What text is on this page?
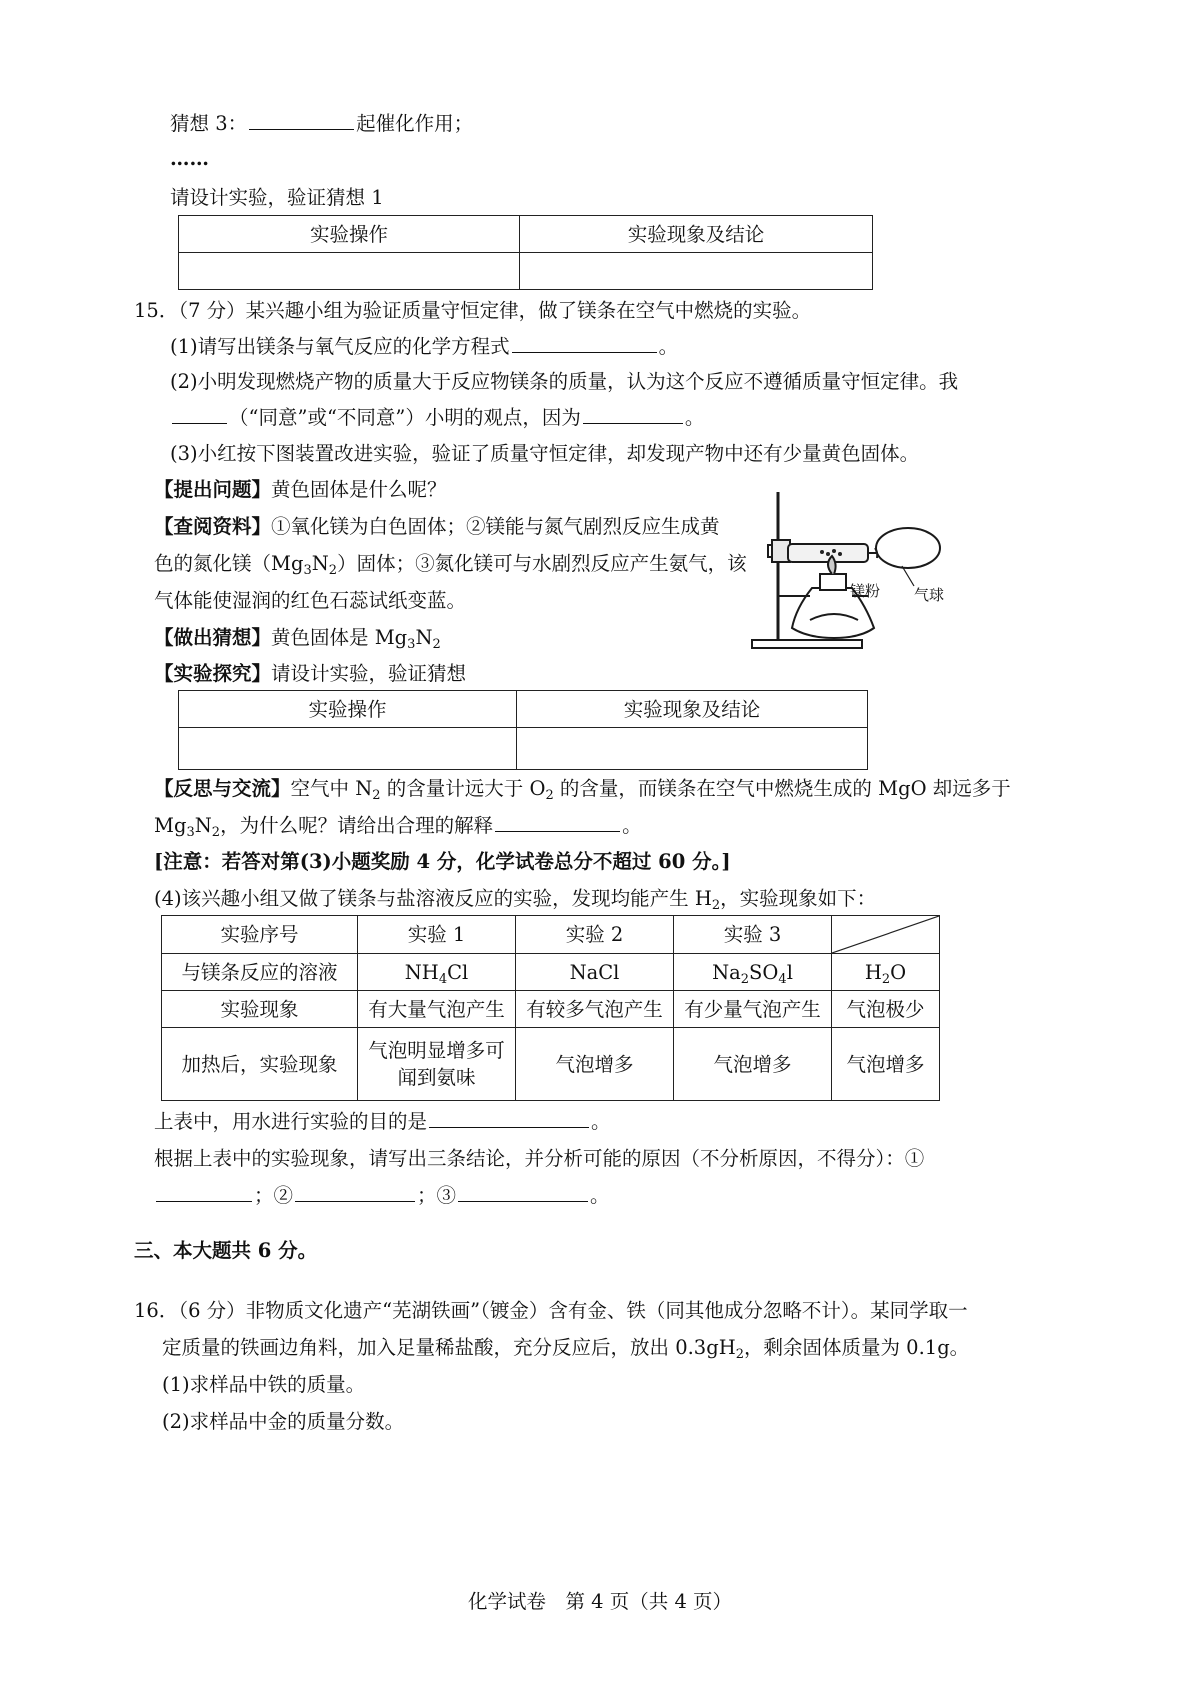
猜想 3：	起催化作用；
……
请设计实验，验证猜想 1
实验操作	实验现象及结论

15．（7 分）某兴趣小组为验证质量守恒定律，做了镁条在空气中燃烧的实验。
(1)请写出镁条与氧气反应的化学方程式	。
(2)小明发现燃烧产物的质量大于反应物镁条的质量，认为这个反应不遵循质量守恒定律。我
（“同意”或“不同意”）小明的观点，因为	。
(3)小红按下图装置改进实验，验证了质量守恒定律，却发现产物中还有少量黄色固体。
【提出问题】黄色固体是什么呢？
【查阅资料】①氧化镁为白色固体；②镁能与氮气剧烈反应生成黄
色的氮化镁$(Mg_3N_2)$固体；③氮化镁可与水剧烈反应产生氨气，该
气体能使湿润的红色石蕊试纸变蓝。
【做出猜想】黄色固体是 $Mg_3N_2$
【实验探究】请设计实验，验证猜想
镁粉 气球
实验操作	实验现象及结论

【反思与交流】空气中 $N_2$ 的含量计远大于 $O_2$ 的含量，而镁条在空气中燃烧生成的 MgO 却远多于
$Mg_3N_2$，为什么呢？请给出合理的解释	。
[注意：若答对第(3)小题奖励 4 分，化学试卷总分不超过 60 分。]
(4)该兴趣小组又做了镁条与盐溶液反应的实验，发现均能产生 $H_2$，实验现象如下：
实验序号	实验 1	实验 2	实验 3	

与镁条反应的溶液	$NH_4Cl$	NaCl	$Na_2SO_4l$	$H_2O$
实验现象	有大量气泡产生	有较多气泡产生	有少量气泡产生	气泡极少
加热后，实验现象	气泡明显增多可
闻到氨味	气泡增多	气泡增多	气泡增多
上表中，用水进行实验的目的是	。
根据上表中的实验现象，请写出三条结论，并分析可能的原因（不分析原因，不得分）：①
；②	；③	。
三、本大题共 6 分。
16．（6 分）非物质文化遗产“芜湖铁画”（镀金）含有金、铁（同其他成分忽略不计）。某同学取一
定质量的铁画边角料，加入足量稀盐酸，充分反应后，放出 $0.3gH_2$，剩余固体质量为 0.1g。
(1)求样品中铁的质量。
(2)求样品中金的质量分数。
化学试卷　第 4 页（共 4 页）
